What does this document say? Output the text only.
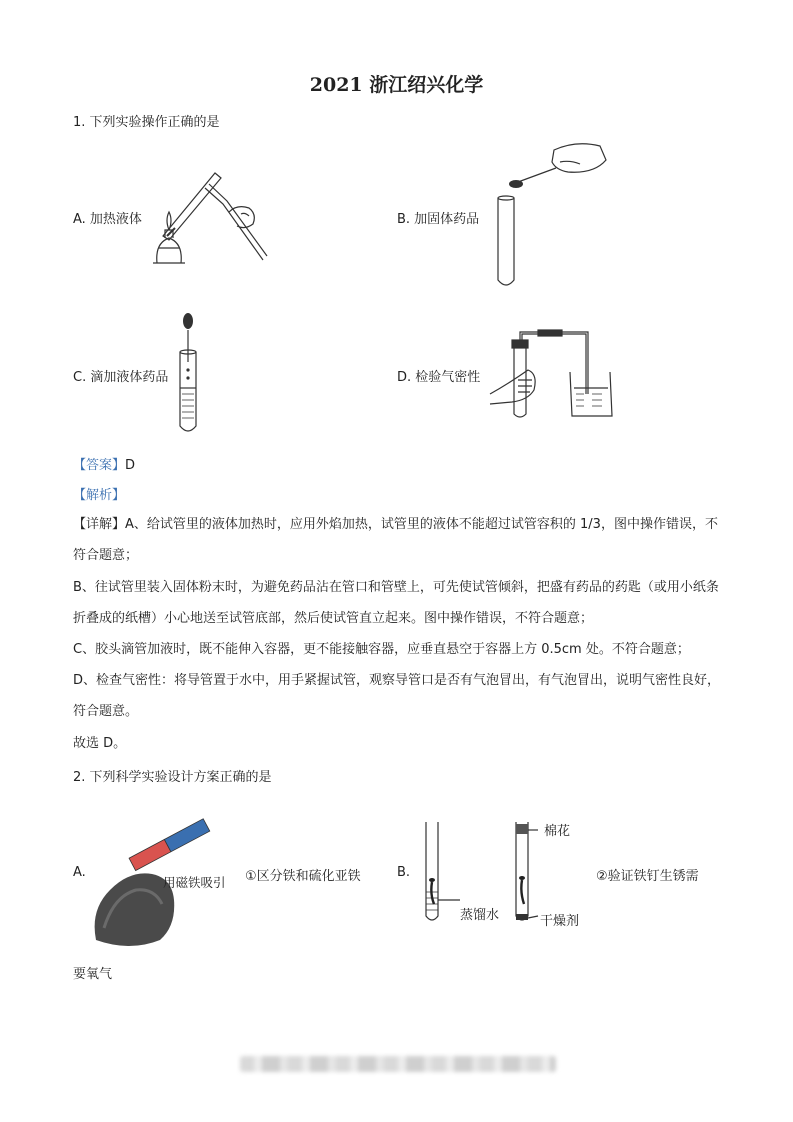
2021 浙江绍兴化学
1. 下列实验操作正确的是
A. 加热液体	B. 加固体药品
C. 滴加液体药品	D. 检验气密性
【答案】D
【解析】
【详解】A、给试管里的液体加热时，应用外焰加热，试管里的液体不能超过试管容积的 1/3，图中操作错误，不符合题意；
B、往试管里装入固体粉末时，为避免药品沾在管口和管壁上，可先使试管倾斜，把盛有药品的药匙（或用小纸条折叠成的纸槽）小心地送至试管底部，然后使试管直立起来。图中操作错误，不符合题意；
C、胶头滴管加液时，既不能伸入容器，更不能接触容器，应垂直悬空于容器上方 0.5cm 处。不符合题意；
D、检查气密性：将导管置于水中，用手紧握试管，观察导管口是否有气泡冒出，有气泡冒出，说明气密性良好，符合题意。
故选 D。
2. 下列科学实验设计方案正确的是
A.
用磁铁吸引 ①区分铁和硫化亚铁	B.
棉花
蒸馏水	干燥剂
②验证铁钉生锈需
要氧气
